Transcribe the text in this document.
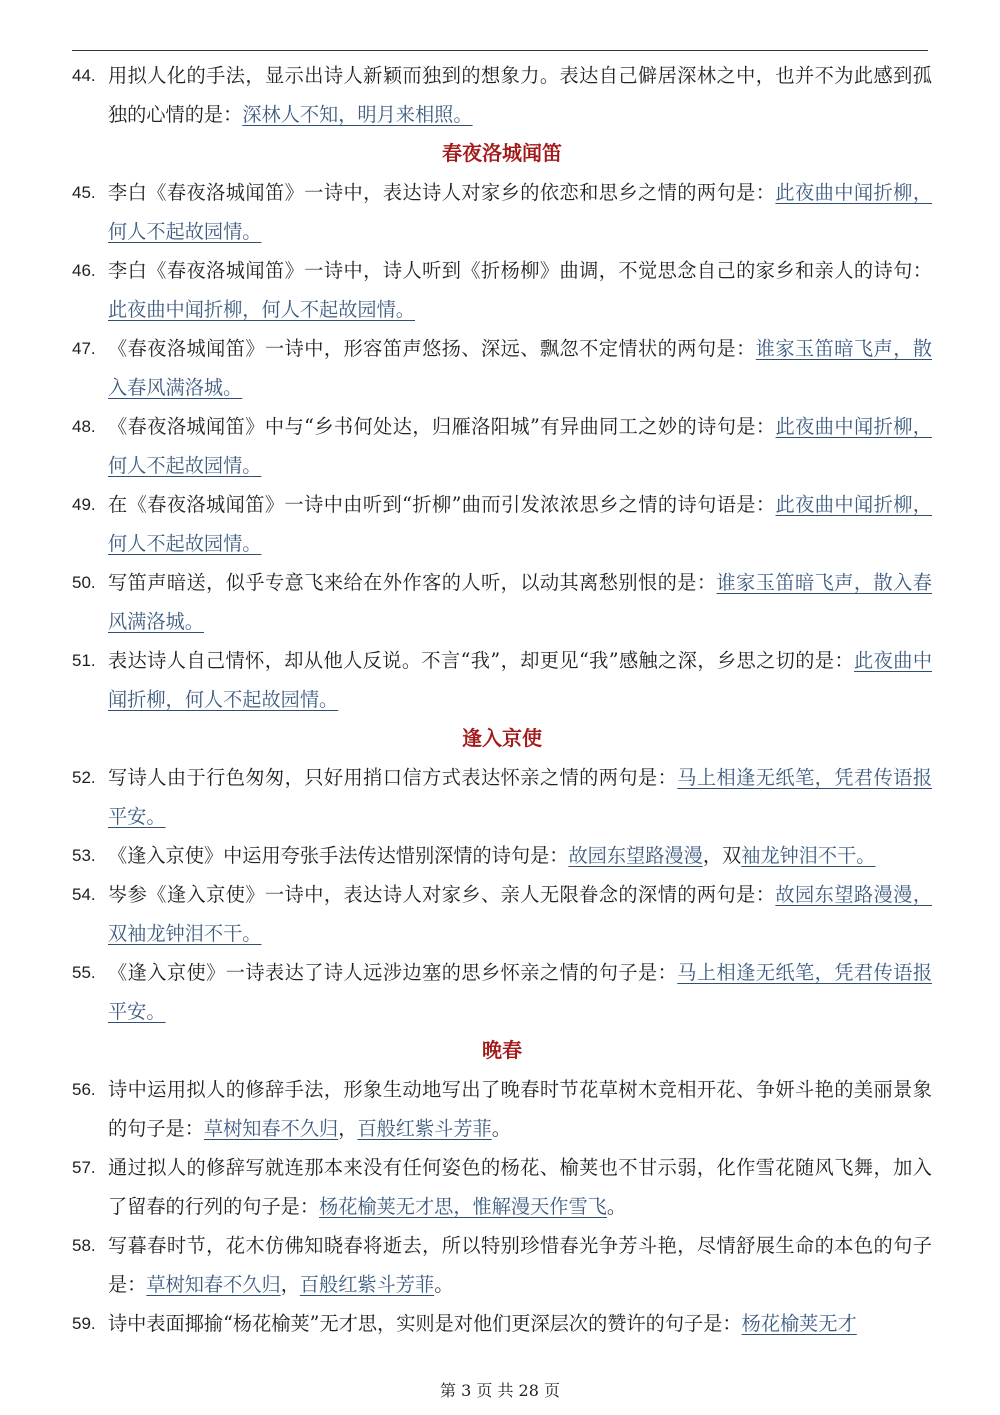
44. 用拟人化的手法，显示出诗人新颖而独到的想象力。表达自己僻居深林之中，也并不为此感到孤独的心情的是：深林人不知，明月来相照。
春夜洛城闻笛
45. 李白《春夜洛城闻笛》一诗中，表达诗人对家乡的依恋和思乡之情的两句是：此夜曲中闻折柳，何人不起故园情。
46. 李白《春夜洛城闻笛》一诗中，诗人听到《折杨柳》曲调，不觉思念自己的家乡和亲人的诗句：此夜曲中闻折柳，何人不起故园情。
47. 《春夜洛城闻笛》一诗中，形容笛声悠扬、深远、飘忽不定情状的两句是：谁家玉笛暗飞声，散入春风满洛城。
48. 《春夜洛城闻笛》中与“乡书何处达，归雁洛阳城”有异曲同工之妙的诗句是：此夜曲中闻折柳，何人不起故园情。
49. 在《春夜洛城闻笛》一诗中由听到“折柳”曲而引发浓浓思乡之情的诗句语是：此夜曲中闻折柳，何人不起故园情。
50. 写笛声暗送，似乎专意飞来给在外作客的人听，以动其离愁别恨的是：谁家玉笛暗飞声，散入春风满洛城。
51. 表达诗人自己情怀，却从他人反说。不言“我”，却更见“我”感触之深，乡思之切的是：此夜曲中闻折柳，何人不起故园情。
逢入京使
52. 写诗人由于行色匆匆，只好用捎口信方式表达怀亲之情的两句是：马上相逢无纸笔，凭君传语报平安。
53. 《逢入京使》中运用夸张手法传达惜别深情的诗句是：故园东望路漫漫，双袖龙钟泪不干。
54. 岑参《逢入京使》一诗中，表达诗人对家乡、亲人无限眷念的深情的两句是：故园东望路漫漫，双袖龙钟泪不干。
55. 《逢入京使》一诗表达了诗人远涉边塞的思乡怀亲之情的句子是：马上相逢无纸笔，凭君传语报平安。
晚春
56. 诗中运用拟人的修辞手法，形象生动地写出了晚春时节花草树木竞相开花、争妍斗艳的美丽景象的句子是：草树知春不久归，百般红紫斗芳菲。
57. 通过拟人的修辞写就连那本来没有任何姿色的杨花、榆荚也不甘示弱，化作雪花随风飞舞，加入了留春的行列的句子是：杨花榆荚无才思，惟解漫天作雪飞。
58. 写暮春时节，花木仿佛知晓春将逝去，所以特别珍惜春光争芳斗艳，尽情舒展生命的本色的句子是：草树知春不久归，百般红紫斗芳菲。
59. 诗中表面揶揄“杨花榆荚”无才思，实则是对他们更深层次的赞许的句子是：杨花榆荚无才
第 3 页 共 28 页
